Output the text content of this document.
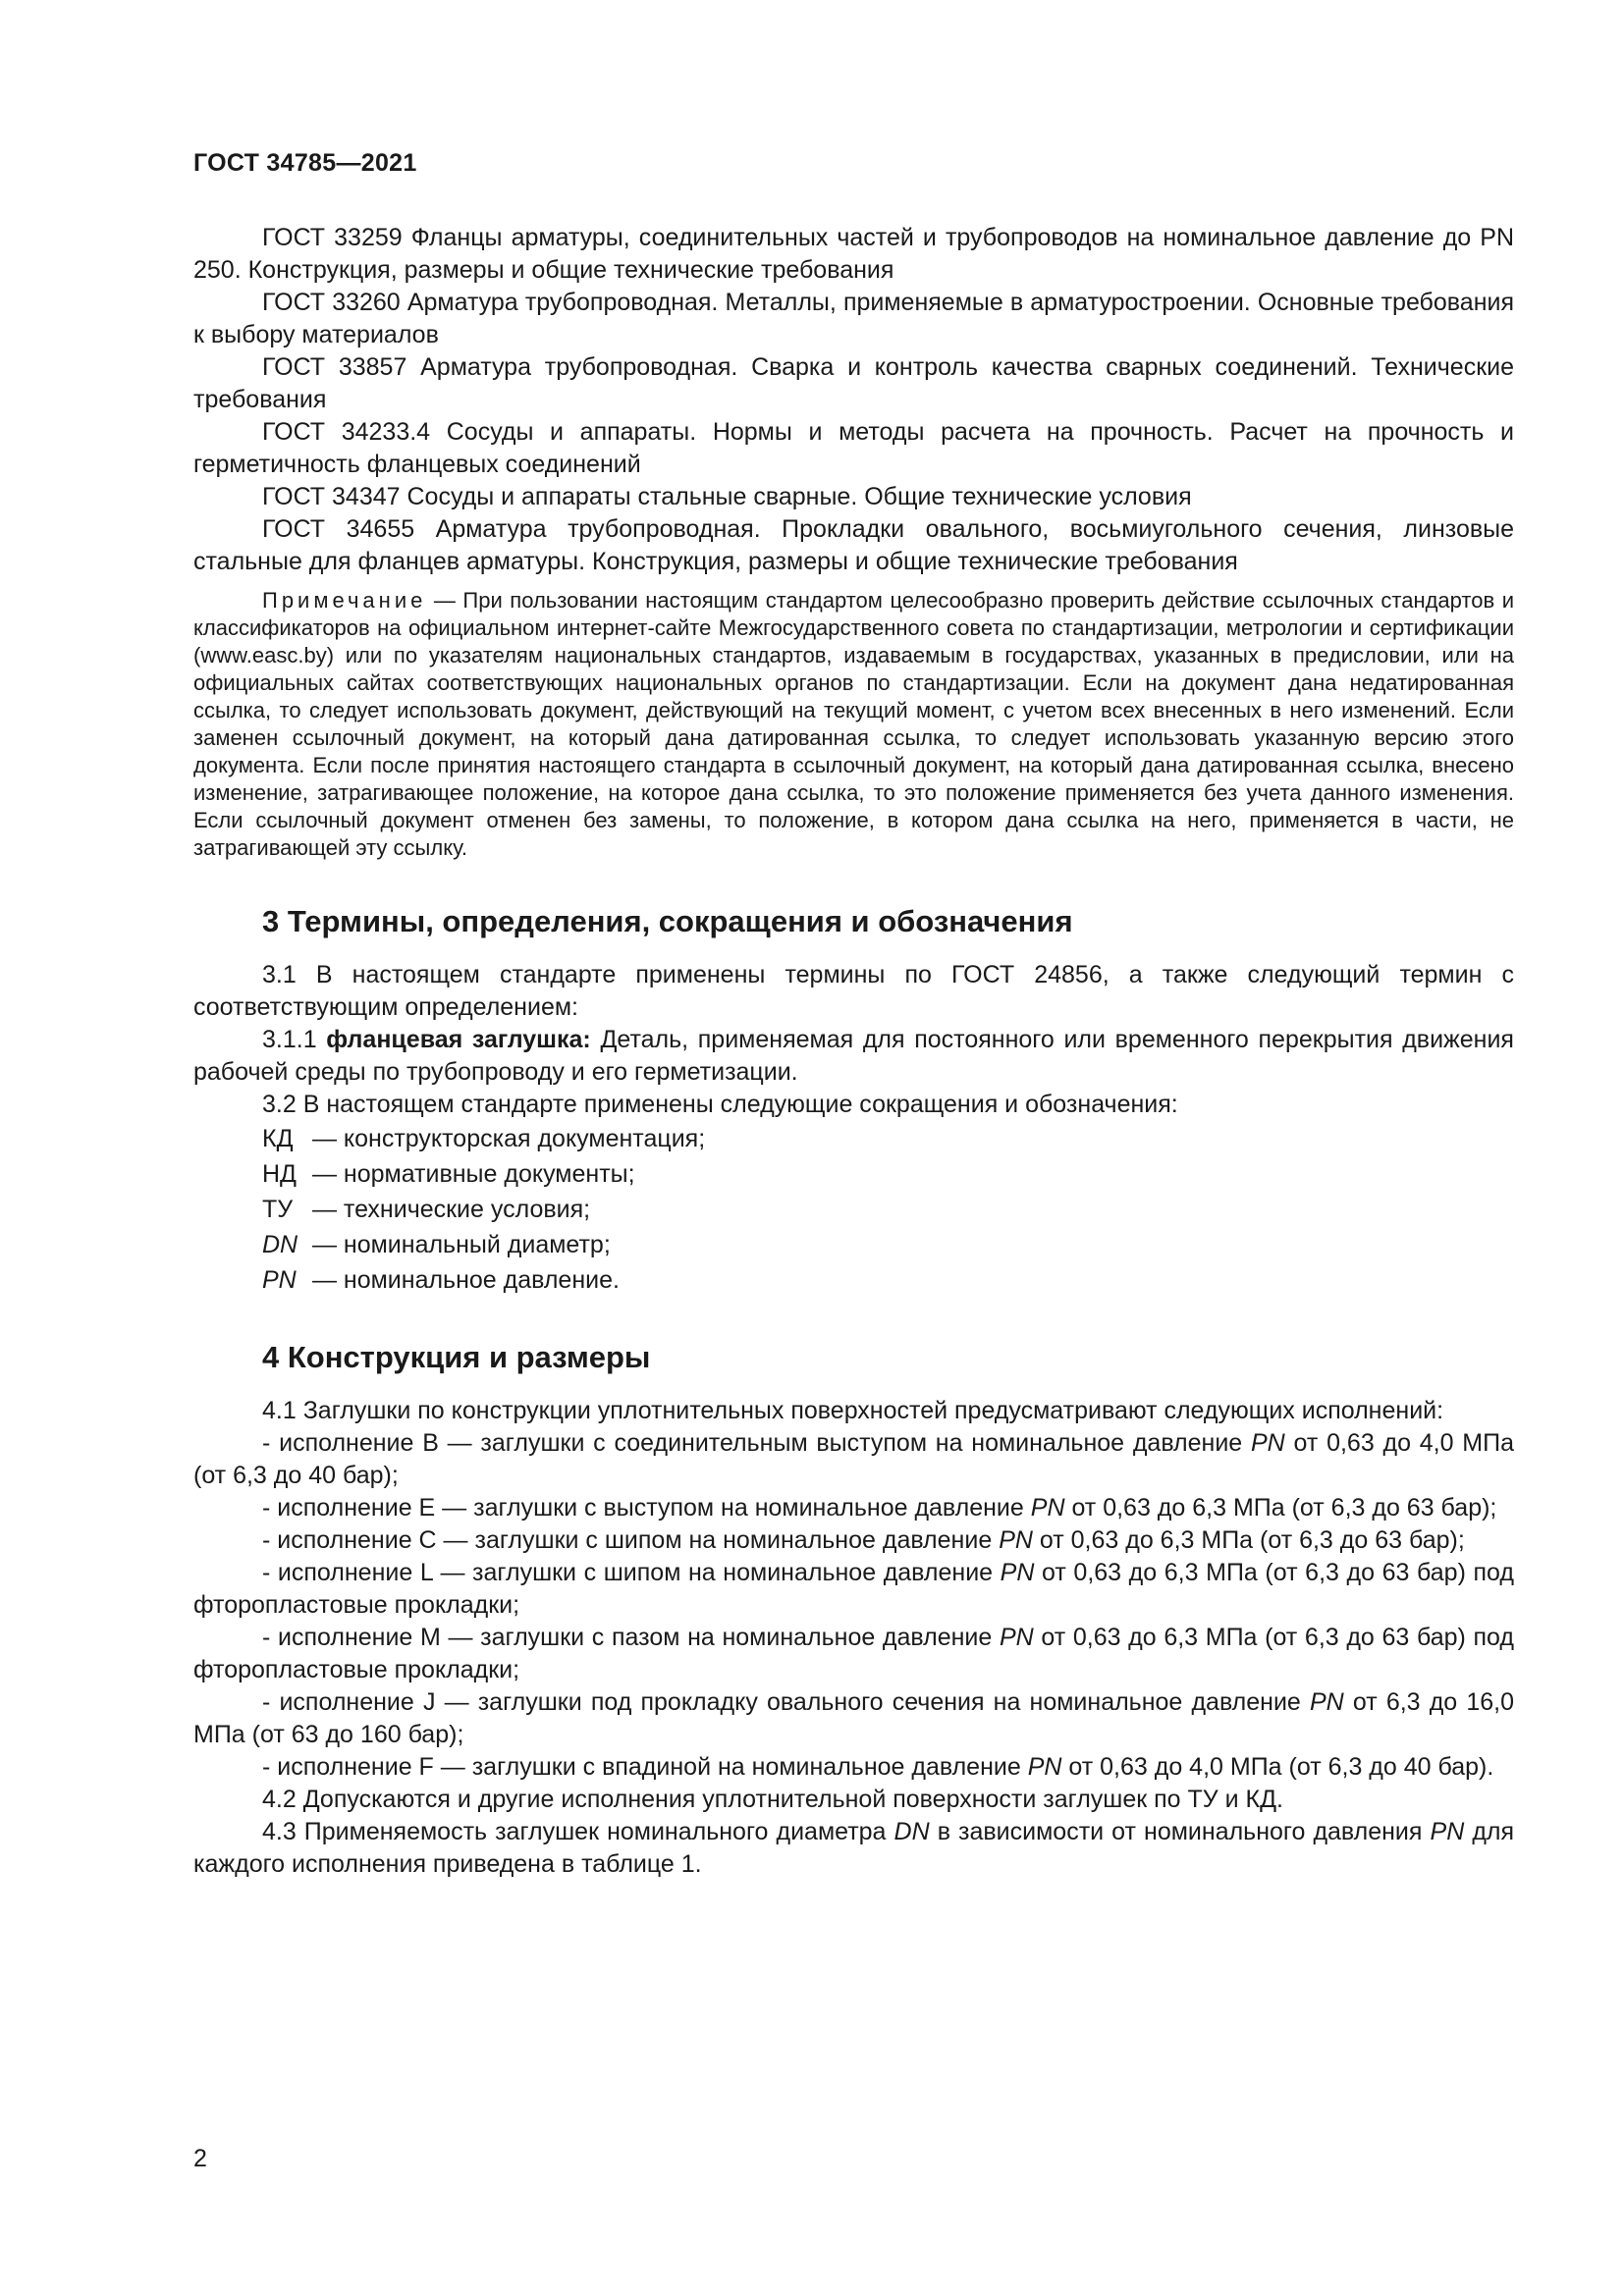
ГОСТ 34785—2021

ГОСТ 33259 Фланцы арматуры, соединительных частей и трубопроводов на номинальное давление до PN 250. Конструкция, размеры и общие технические требования

ГОСТ 33260 Арматура трубопроводная. Металлы, применяемые в арматуростроении. Основные требования к выбору материалов

ГОСТ 33857 Арматура трубопроводная. Сварка и контроль качества сварных соединений. Технические требования

ГОСТ 34233.4 Сосуды и аппараты. Нормы и методы расчета на прочность. Расчет на прочность и герметичность фланцевых соединений

ГОСТ 34347 Сосуды и аппараты стальные сварные. Общие технические условия

ГОСТ 34655 Арматура трубопроводная. Прокладки овального, восьмиугольного сечения, линзовые стальные для фланцев арматуры. Конструкция, размеры и общие технические требования

Примечание — При пользовании настоящим стандартом целесообразно проверить действие ссылочных стандартов и классификаторов на официальном интернет-сайте Межгосударственного совета по стандартизации, метрологии и сертификации (www.easc.by) или по указателям национальных стандартов, издаваемым в государствах, указанных в предисловии, или на официальных сайтах соответствующих национальных органов по стандартизации. Если на документ дана недатированная ссылка, то следует использовать документ, действующий на текущий момент, с учетом всех внесенных в него изменений. Если заменен ссылочный документ, на который дана датированная ссылка, то следует использовать указанную версию этого документа. Если после принятия настоящего стандарта в ссылочный документ, на который дана датированная ссылка, внесено изменение, затрагивающее положение, на которое дана ссылка, то это положение применяется без учета данного изменения. Если ссылочный документ отменен без замены, то положение, в котором дана ссылка на него, применяется в части, не затрагивающей эту ссылку.

3 Термины, определения, сокращения и обозначения

3.1 В настоящем стандарте применены термины по ГОСТ 24856, а также следующий термин с соответствующим определением:

3.1.1 фланцевая заглушка: Деталь, применяемая для постоянного или временного перекрытия движения рабочей среды по трубопроводу и его герметизации.

3.2 В настоящем стандарте применены следующие сокращения и обозначения:

КД — конструкторская документация;

НД — нормативные документы;

ТУ — технические условия;

DN — номинальный диаметр;

PN — номинальное давление.

4 Конструкция и размеры

4.1 Заглушки по конструкции уплотнительных поверхностей предусматривают следующих исполнений:

- исполнение B — заглушки с соединительным выступом на номинальное давление PN от 0,63 до 4,0 МПа (от 6,3 до 40 бар);

- исполнение E — заглушки с выступом на номинальное давление PN от 0,63 до 6,3 МПа (от 6,3 до 63 бар);

- исполнение C — заглушки с шипом на номинальное давление PN от 0,63 до 6,3 МПа (от 6,3 до 63 бар);

- исполнение L — заглушки с шипом на номинальное давление PN от 0,63 до 6,3 МПа (от 6,3 до 63 бар) под фторопластовые прокладки;

- исполнение M — заглушки с пазом на номинальное давление PN от 0,63 до 6,3 МПа (от 6,3 до 63 бар) под фторопластовые прокладки;

- исполнение J — заглушки под прокладку овального сечения на номинальное давление PN от 6,3 до 16,0 МПа (от 63 до 160 бар);

- исполнение F — заглушки с впадиной на номинальное давление PN от 0,63 до 4,0 МПа (от 6,3 до 40 бар).

4.2 Допускаются и другие исполнения уплотнительной поверхности заглушек по ТУ и КД.

4.3 Применяемость заглушек номинального диаметра DN в зависимости от номинального давления PN для каждого исполнения приведена в таблице 1.

2
